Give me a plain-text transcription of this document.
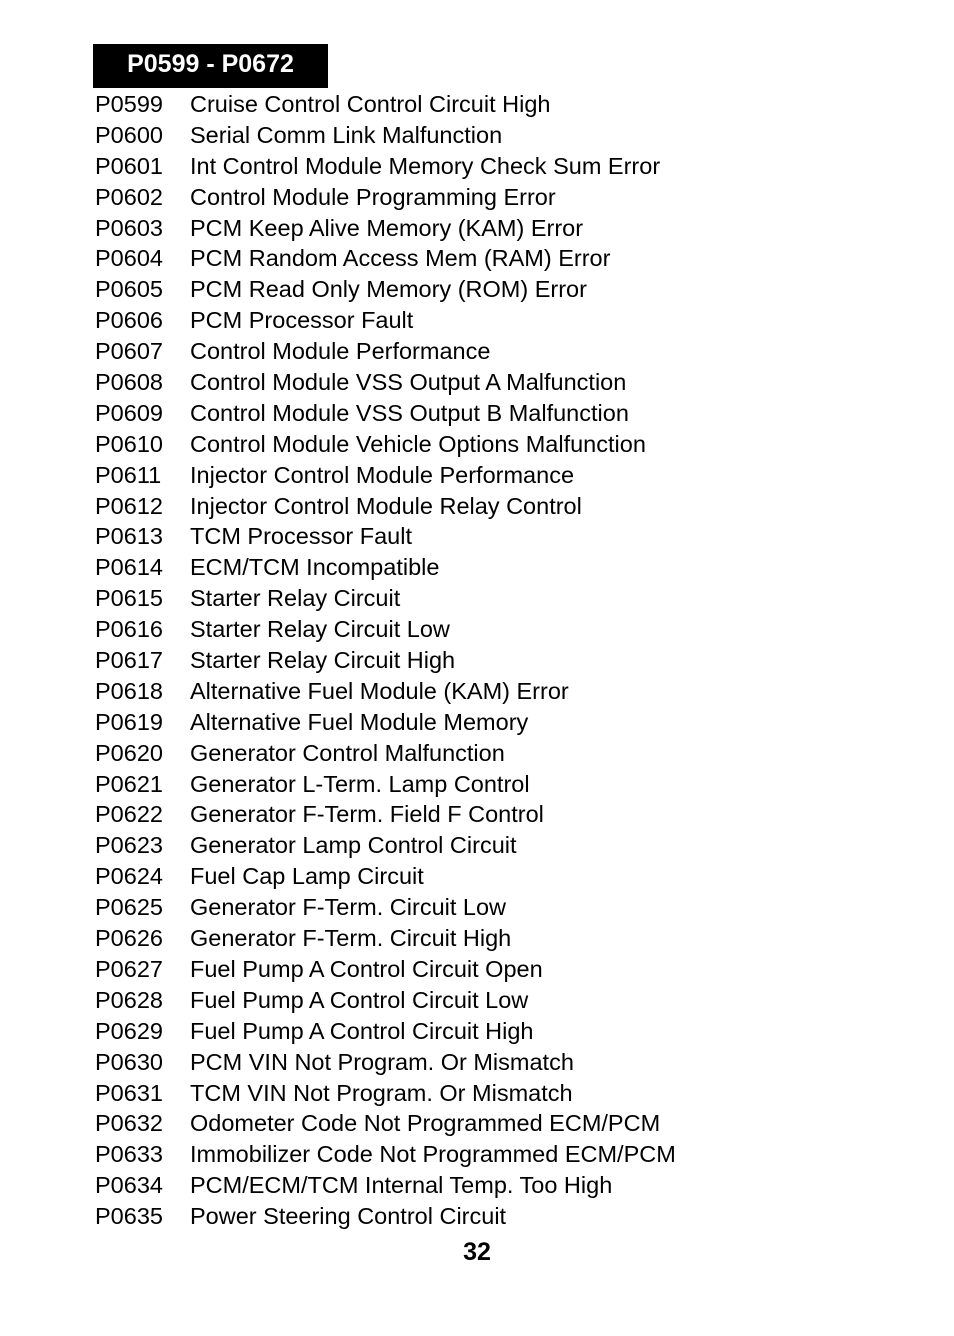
P0599 - P0672
P0599	Cruise Control Control Circuit High
P0600	Serial Comm Link Malfunction
P0601	Int Control Module Memory Check Sum Error
P0602	Control Module Programming Error
P0603	PCM Keep Alive Memory (KAM) Error
P0604	PCM Random Access Mem (RAM) Error
P0605	PCM Read Only Memory (ROM) Error
P0606	PCM Processor Fault
P0607	Control Module Performance
P0608	Control Module VSS Output A Malfunction
P0609	Control Module VSS Output B Malfunction
P0610	Control Module Vehicle Options Malfunction
P0611	Injector Control Module Performance
P0612	Injector Control Module Relay Control
P0613	TCM Processor Fault
P0614	ECM/TCM Incompatible
P0615	Starter Relay Circuit
P0616	Starter Relay Circuit Low
P0617	Starter Relay Circuit High
P0618	Alternative Fuel Module (KAM) Error
P0619	Alternative Fuel Module Memory
P0620	Generator Control Malfunction
P0621	Generator L-Term. Lamp Control
P0622	Generator F-Term. Field F Control
P0623	Generator Lamp Control Circuit
P0624	Fuel Cap Lamp Circuit
P0625	Generator F-Term. Circuit Low
P0626	Generator F-Term. Circuit High
P0627	Fuel Pump A Control Circuit Open
P0628	Fuel Pump A Control Circuit Low
P0629	Fuel Pump A Control Circuit High
P0630	PCM VIN Not Program. Or Mismatch
P0631	TCM VIN Not Program. Or Mismatch
P0632	Odometer Code Not Programmed ECM/PCM
P0633	Immobilizer Code Not Programmed ECM/PCM
P0634	PCM/ECM/TCM Internal Temp. Too High
P0635	Power Steering Control Circuit
32
